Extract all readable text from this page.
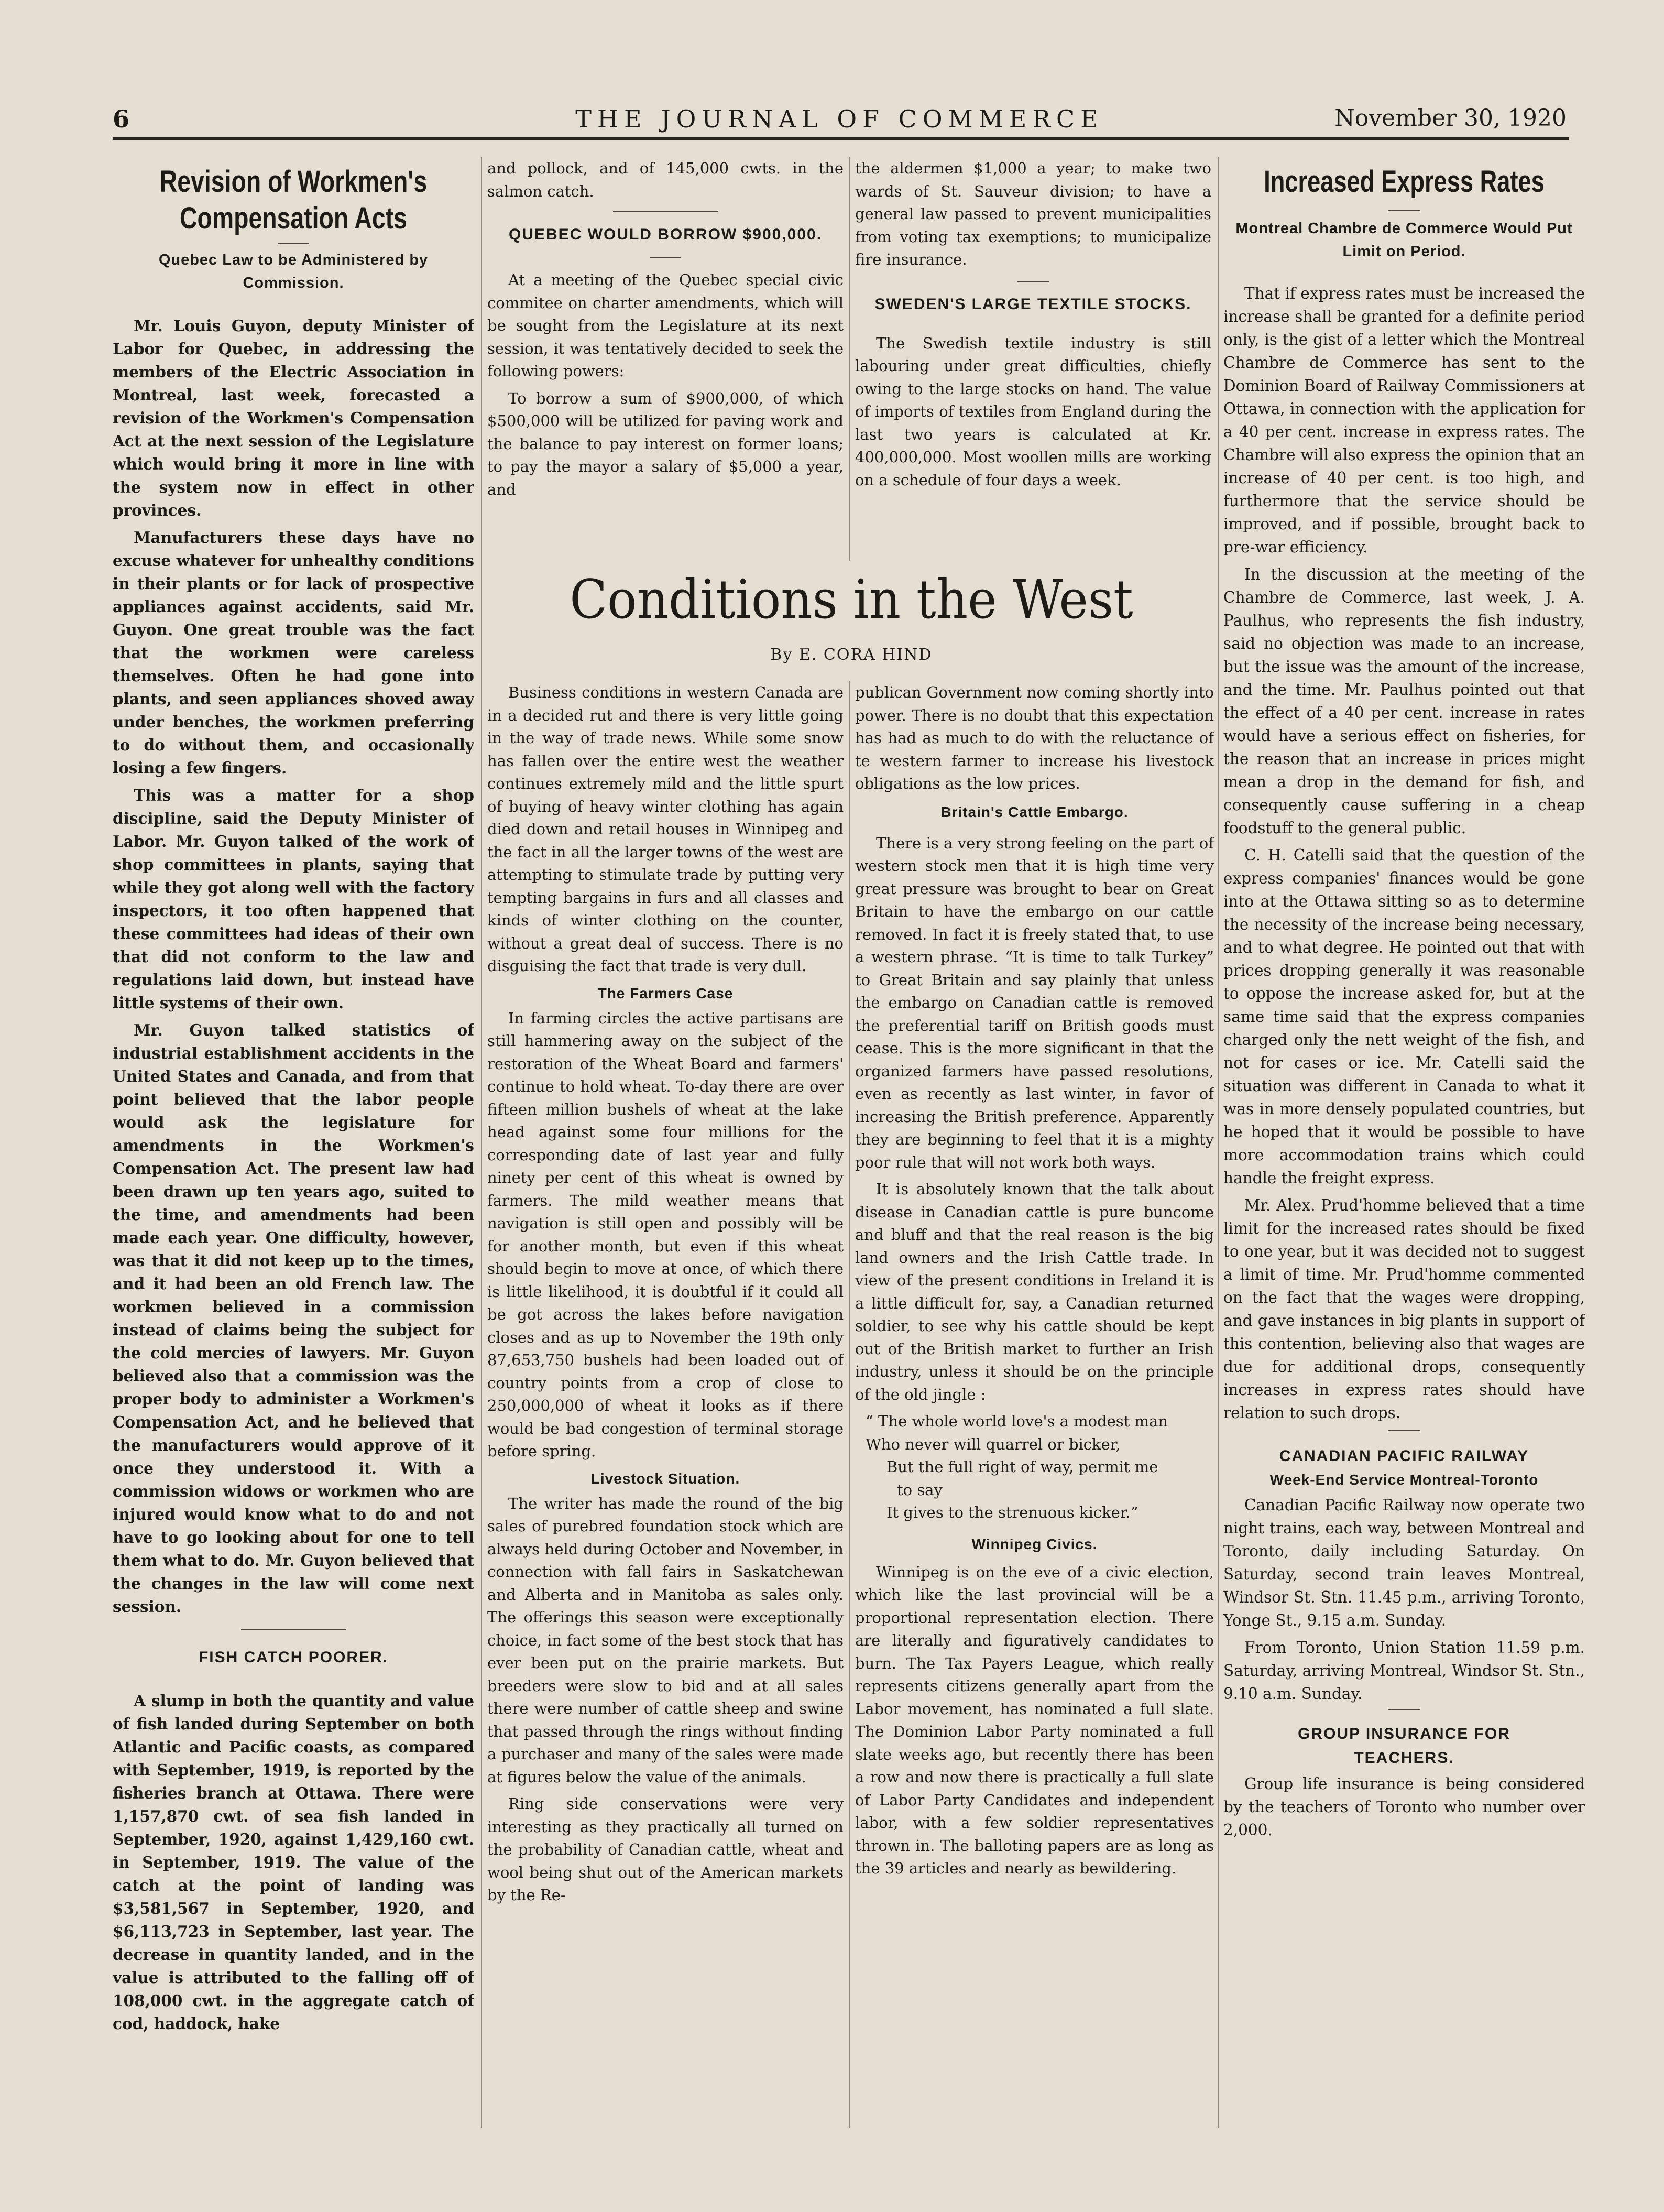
6	THE JOURNAL OF COMMERCE	November 30, 1920
Revision of Workmen's
Compensation Acts
Quebec Law to be Administered by Commission.

Mr. Louis Guyon, deputy Minister of Labor for Quebec, in addressing the members of the Electric Association in Montreal, last week, forecasted a revision of the Workmen's Compensation Act at the next session of the Legislature which would bring it more in line with the system now in effect in other provinces.

Manufacturers these days have no excuse whatever for unhealthy conditions in their plants or for lack of prospective appliances against accidents, said Mr. Guyon. One great trouble was the fact that the workmen were careless themselves. Often he had gone into plants, and seen appliances shoved away under benches, the workmen preferring to do without them, and occasionally losing a few fingers.

This was a matter for a shop discipline, said the Deputy Minister of Labor. Mr. Guyon talked of the work of shop committees in plants, saying that while they got along well with the factory inspectors, it too often happened that these committees had ideas of their own that did not conform to the law and regulations laid down, but instead have little systems of their own.

Mr. Guyon talked statistics of industrial establishment accidents in the United States and Canada, and from that point believed that the labor people would ask the legislature for amendments in the Workmen's Compensation Act. The present law had been drawn up ten years ago, suited to the time, and amendments had been made each year. One difficulty, however, was that it did not keep up to the times, and it had been an old French law. The workmen believed in a commission instead of claims being the subject for the cold mercies of lawyers. Mr. Guyon believed also that a commission was the proper body to administer a Workmen's Compensation Act, and he believed that the manufacturers would approve of it once they understood it. With a commission widows or workmen who are injured would know what to do and not have to go looking about for one to tell them what to do. Mr. Guyon believed that the changes in the law will come next session.

FISH CATCH POORER.

A slump in both the quantity and value of fish landed during September on both Atlantic and Pacific coasts, as compared with September, 1919, is reported by the fisheries branch at Ottawa. There were 1,157,870 cwt. of sea fish landed in September, 1920, against 1,429,160 cwt. in September, 1919. The value of the catch at the point of landing was $3,581,567 in September, 1920, and $6,113,723 in September, last year. The decrease in quantity landed, and in the value is attributed to the falling off of 108,000 cwt. in the aggregate catch of cod, haddock, hake

and pollock, and of 145,000 cwts. in the salmon catch.

QUEBEC WOULD BORROW $900,000.

At a meeting of the Quebec special civic commitee on charter amendments, which will be sought from the Legislature at its next session, it was tentatively decided to seek the following powers:

To borrow a sum of $900,000, of which $500,000 will be utilized for paving work and the balance to pay interest on former loans; to pay the mayor a salary of $5,000 a year, and

the aldermen $1,000 a year; to make two wards of St. Sauveur division; to have a general law passed to prevent municipalities from voting tax exemptions; to municipalize fire insurance.

SWEDEN'S LARGE TEXTILE STOCKS.

The Swedish textile industry is still labouring under great difficulties, chiefly owing to the large stocks on hand. The value of imports of textiles from England during the last two years is calculated at Kr. 400,000,000. Most woollen mills are working on a schedule of four days a week.

Conditions in the West
By E. CORA HIND

Business conditions in western Canada are in a decided rut and there is very little going in the way of trade news. While some snow has fallen over the entire west the weather continues extremely mild and the little spurt of buying of heavy winter clothing has again died down and retail houses in Winnipeg and the fact in all the larger towns of the west are attempting to stimulate trade by putting very tempting bargains in furs and all classes and kinds of winter clothing on the counter, without a great deal of success. There is no disguising the fact that trade is very dull.

The Farmers Case

In farming circles the active partisans are still hammering away on the subject of the restoration of the Wheat Board and farmers' continue to hold wheat. To-day there are over fifteen million bushels of wheat at the lake head against some four millions for the corresponding date of last year and fully ninety per cent of this wheat is owned by farmers. The mild weather means that navigation is still open and possibly will be for another month, but even if this wheat should begin to move at once, of which there is little likelihood, it is doubtful if it could all be got across the lakes before navigation closes and as up to November the 19th only 87,653,750 bushels had been loaded out of country points from a crop of close to 250,000,000 of wheat it looks as if there would be bad congestion of terminal storage before spring.

Livestock Situation.

The writer has made the round of the big sales of purebred foundation stock which are always held during October and November, in connection with fall fairs in Saskatchewan and Alberta and in Manitoba as sales only. The offerings this season were exceptionally choice, in fact some of the best stock that has ever been put on the prairie markets. But breeders were slow to bid and at all sales there were number of cattle sheep and swine that passed through the rings without finding a purchaser and many of the sales were made at figures below the value of the animals.

Ring side conservations were very interesting as they practically all turned on the probability of Canadian cattle, wheat and wool being shut out of the American markets by the Re-

publican Government now coming shortly into power. There is no doubt that this expectation has had as much to do with the reluctance of te western farmer to increase his livestock obligations as the low prices.

Britain's Cattle Embargo.

There is a very strong feeling on the part of western stock men that it is high time very great pressure was brought to bear on Great Britain to have the embargo on our cattle removed. In fact it is freely stated that, to use a western phrase. “It is time to talk Turkey” to Great Britain and say plainly that unless the embargo on Canadian cattle is removed the preferential tariff on British goods must cease. This is the more significant in that the organized farmers have passed resolutions, even as recently as last winter, in favor of increasing the British preference. Apparently they are beginning to feel that it is a mighty poor rule that will not work both ways.

It is absolutely known that the talk about disease in Canadian cattle is pure buncome and bluff and that the real reason is the big land owners and the Irish Cattle trade. In view of the present conditions in Ireland it is a little difficult for, say, a Canadian returned soldier, to see why his cattle should be kept out of the British market to further an Irish industry, unless it should be on the principle of the old jingle :

“ The whole world love's a modest man
Who never will quarrel or bicker,
But the full right of way, permit me
to say
It gives to the strenuous kicker.”
Winnipeg Civics.

Winnipeg is on the eve of a civic election, which like the last provincial will be a proportional representation election. There are literally and figuratively candidates to burn. The Tax Payers League, which really represents citizens generally apart from the Labor movement, has nominated a full slate. The Dominion Labor Party nominated a full slate weeks ago, but recently there has been a row and now there is practically a full slate of Labor Party Candidates and independent labor, with a few soldier representatives thrown in. The balloting papers are as long as the 39 articles and nearly as bewildering.

Increased Express Rates
Montreal Chambre de Commerce Would Put Limit on Period.

That if express rates must be increased the increase shall be granted for a definite period only, is the gist of a letter which the Montreal Chambre de Commerce has sent to the Dominion Board of Railway Commissioners at Ottawa, in connection with the application for a 40 per cent. increase in express rates. The Chambre will also express the opinion that an increase of 40 per cent. is too high, and furthermore that the service should be improved, and if possible, brought back to pre-war efficiency.

In the discussion at the meeting of the Chambre de Commerce, last week, J. A. Paulhus, who represents the fish industry, said no objection was made to an increase, but the issue was the amount of the increase, and the time. Mr. Paulhus pointed out that the effect of a 40 per cent. increase in rates would have a serious effect on fisheries, for the reason that an increase in prices might mean a drop in the demand for fish, and consequently cause suffering in a cheap foodstuff to the general public.

C. H. Catelli said that the question of the express companies' finances would be gone into at the Ottawa sitting so as to determine the necessity of the increase being necessary, and to what degree. He pointed out that with prices dropping generally it was reasonable to oppose the increase asked for, but at the same time said that the express companies charged only the nett weight of the fish, and not for cases or ice. Mr. Catelli said the situation was different in Canada to what it was in more densely populated countries, but he hoped that it would be possible to have more accommodation trains which could handle the freight express.

Mr. Alex. Prud'homme believed that a time limit for the increased rates should be fixed to one year, but it was decided not to suggest a limit of time. Mr. Prud'homme commented on the fact that the wages were dropping, and gave instances in big plants in support of this contention, believing also that wages are due for additional drops, consequently increases in express rates should have relation to such drops.

CANADIAN PACIFIC RAILWAY
Week-End Service Montreal-Toronto

Canadian Pacific Railway now operate two night trains, each way, between Montreal and Toronto, daily including Saturday. On Saturday, second train leaves Montreal, Windsor St. Stn. 11.45 p.m., arriving Toronto, Yonge St., 9.15 a.m. Sunday.

From Toronto, Union Station 11.59 p.m. Saturday, arriving Montreal, Windsor St. Stn., 9.10 a.m. Sunday.

GROUP INSURANCE FOR
TEACHERS.

Group life insurance is being considered by the teachers of Toronto who number over 2,000.
